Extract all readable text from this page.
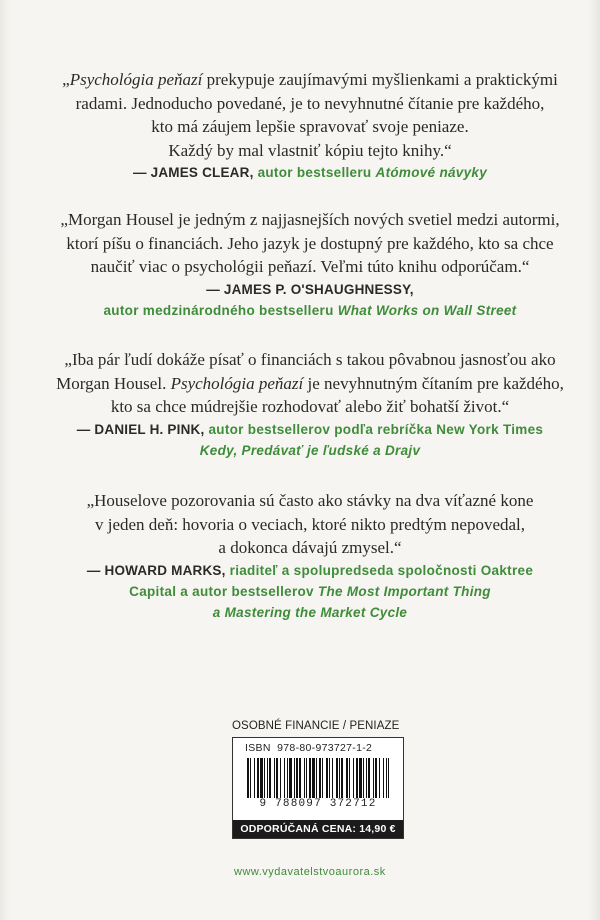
„Psychológia peňazí prekypuje zaujímavými myšlienkami a praktickými

radami. Jednoducho povedané, je to nevyhnutné čítanie pre každého,

kto má záujem lepšie spravovať svoje peniaze.

Každý by mal vlastniť kópiu tejto knihy.“

— JAMES CLEAR, autor bestselleru Atómové návyky

„Morgan Housel je jedným z najjasnejších nových svetiel medzi autormi,

ktorí píšu o financiách. Jeho jazyk je dostupný pre každého, kto sa chce

naučiť viac o psychológii peňazí. Veľmi túto knihu odporúčam.“

— JAMES P. O'SHAUGHNESSY,

autor medzinárodného bestselleru What Works on Wall Street

„Iba pár ľudí dokáže písať o financiách s takou pôvabnou jasnosťou ako

Morgan Housel. Psychológia peňazí je nevyhnutným čítaním pre každého,

kto sa chce múdrejšie rozhodovať alebo žiť bohatší život.“

— DANIEL H. PINK, autor bestsellerov podľa rebríčka New York Times

Kedy, Predávať je ľudské a Drajv

„Houselove pozorovania sú často ako stávky na dva víťazné kone

v jeden deň: hovoria o veciach, ktoré nikto predtým nepovedal,

a dokonca dávajú zmysel.“

— HOWARD MARKS, riaditeľ a spolupredseda spoločnosti Oaktree

Capital a autor bestsellerov The Most Important Thing

a Mastering the Market Cycle

OSOBNÉ FINANCIE / PENIAZE
ISBN 978-80-973727-1-2
9 788097 372712
ODPORÚČANÁ CENA: 14,90 €
www.vydavatelstvoaurora.sk
